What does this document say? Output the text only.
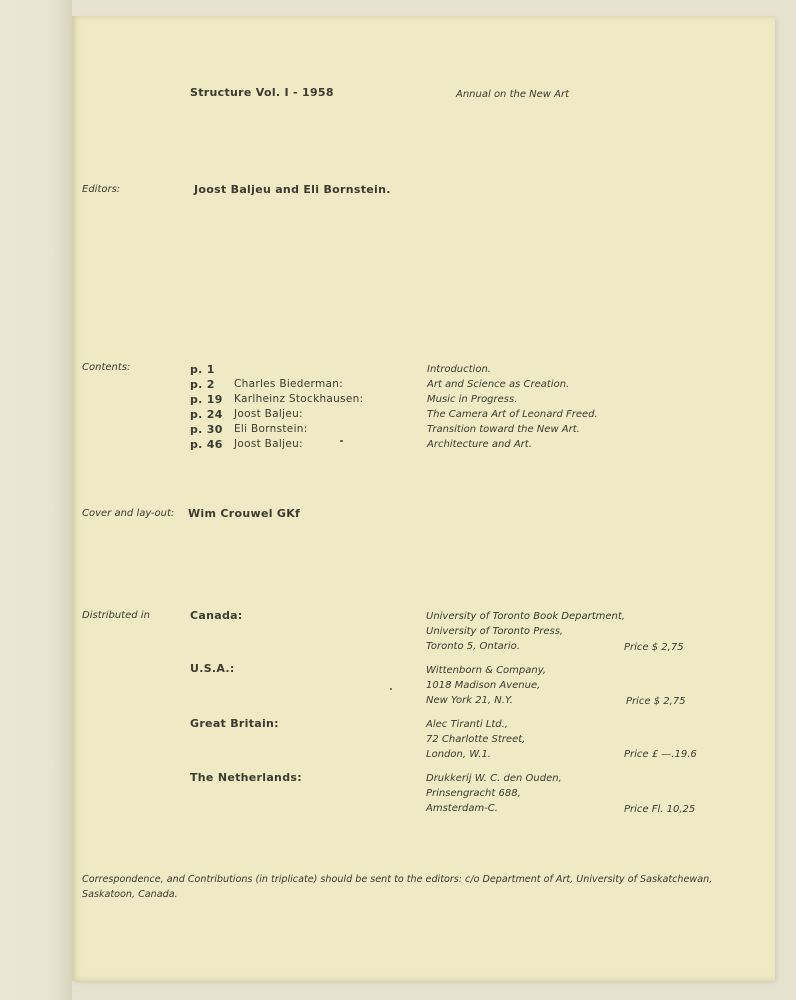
Structure Vol. I - 1958	Annual on the New Art
Editors:	Joost Baljeu and Eli Bornstein.
Contents:	p. 1	Introduction.
p. 2 Charles Biederman:	Art and Science as Creation.
p. 19 Karlheinz Stockhausen:	Music in Progress.
p. 24 Joost Baljeu:	The Camera Art of Leonard Freed.
p. 30 Eli Bornstein:	Transition toward the New Art.
p. 46 Joost Baljeu:	Architecture and Art.
Cover and lay-out: Wim Crouwel GKf
Distributed in	Canada:	University of Toronto Book Department,
University of Toronto Press,
Toronto 5, Ontario.	Price $ 2,75
U.S.A.:	Wittenborn & Company,
1018 Madison Avenue,
New York 21, N.Y.	Price $ 2,75
Great Britain:	Alec Tiranti Ltd.,
72 Charlotte Street,
London, W.1.	Price £ —.19.6
The Netherlands:	Drukkerij W. C. den Ouden,
Prinsengracht 688,
Amsterdam-C.	Price Fl. 10,25
Correspondence, and Contributions (in triplicate) should be sent to the editors: c/o Department of Art, University of Saskatchewan,
Saskatoon, Canada.
